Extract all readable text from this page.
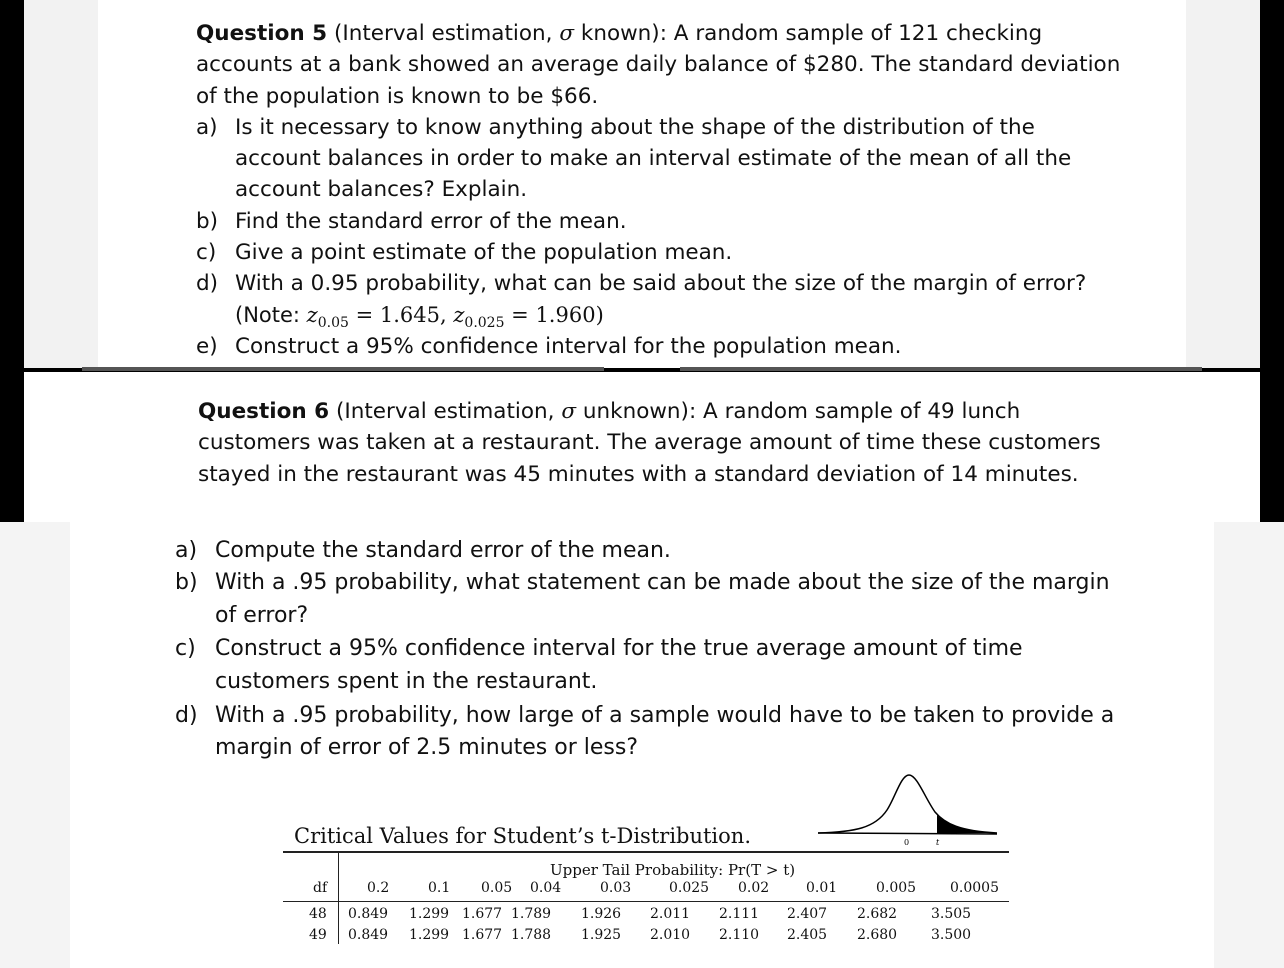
Question 5 (Interval estimation, σ known): A random sample of 121 checking
accounts at a bank showed an average daily balance of $280. The standard deviation
of the population is known to be $66.
a) Is it necessary to know anything about the shape of the distribution of the
account balances in order to make an interval estimate of the mean of all the
account balances? Explain.
b) Find the standard error of the mean.
c) Give a point estimate of the population mean.
d) With a 0.95 probability, what can be said about the size of the margin of error?
(Note: $z_{0.05} = 1.645$, $z_{0.025} = 1.960$)
e) Construct a 95% confidence interval for the population mean.
Question 6 (Interval estimation, σ unknown): A random sample of 49 lunch
customers was taken at a restaurant. The average amount of time these customers
stayed in the restaurant was 45 minutes with a standard deviation of 14 minutes.
a) Compute the standard error of the mean.
b) With a .95 probability, what statement can be made about the size of the margin
of error?
c) Construct a 95% confidence interval for the true average amount of time
customers spent in the restaurant.
d) With a .95 probability, how large of a sample would have to be taken to provide a
margin of error of 2.5 minutes or less?
0	t
Critical Values for Student’s t-Distribution.
Upper Tail Probability: Pr(T > t)
df	0.2	0.1 0.05 0.04	0.03	0.025 0.02	0.01	0.005 0.0005
48 0.849 1.299 1.677 1.789 1.926 2.011 2.111 2.407 2.682 3.505
49 0.849 1.299 1.677 1.788 1.925 2.010 2.110 2.405 2.680 3.500
